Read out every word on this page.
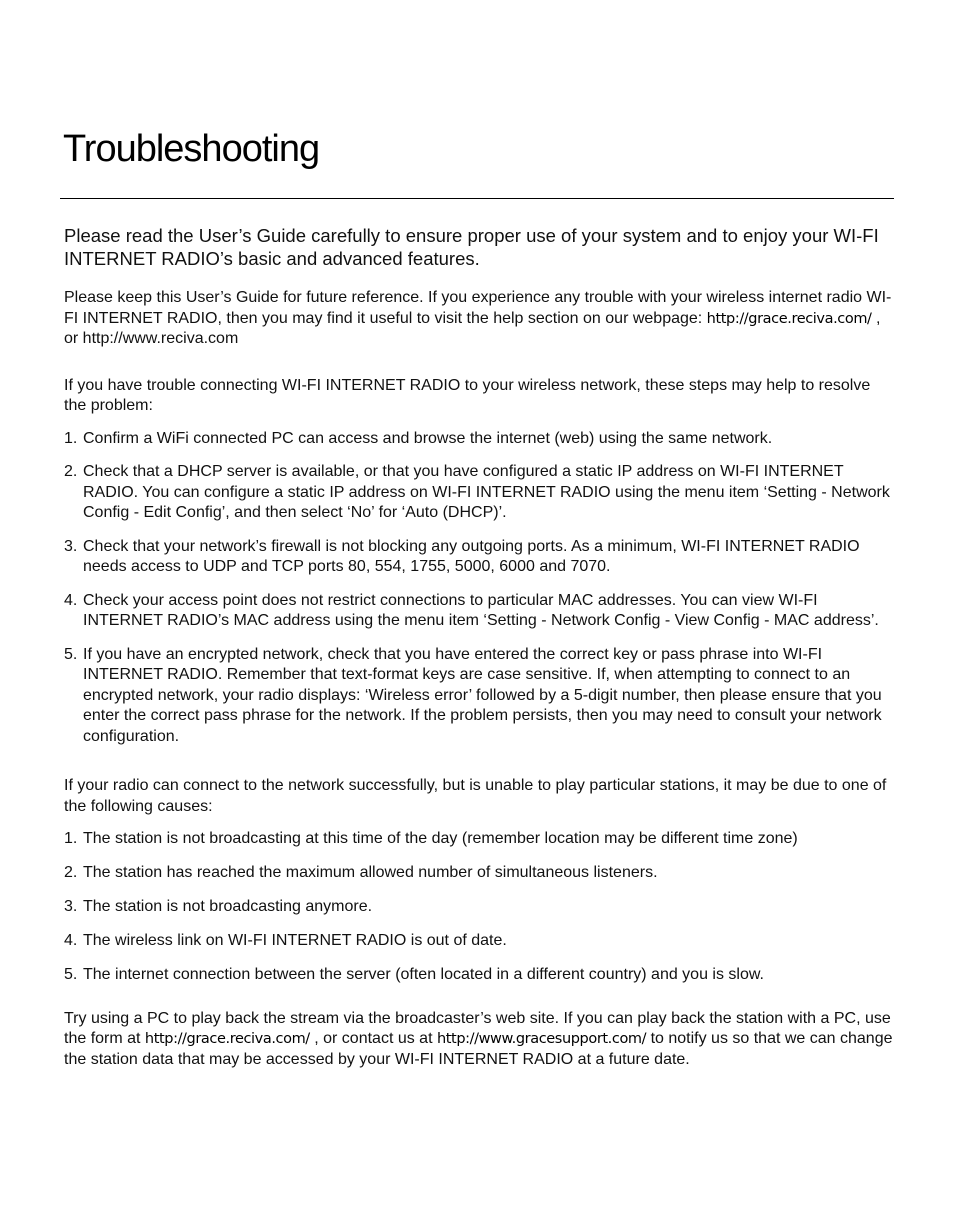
Troubleshooting

Please read the User’s Guide carefully to ensure proper use of your system and to enjoy your WI-FI INTERNET RADIO’s basic and advanced features.

Please keep this User’s Guide for future reference. If you experience any trouble with your wireless internet radio WI-FI INTERNET RADIO, then you may find it useful to visit the help section on our webpage: http://grace.reciva.com/ , or http://www.reciva.com

If you have trouble connecting WI-FI INTERNET RADIO to your wireless network, these steps may help to resolve the problem:

1. Confirm a WiFi connected PC can access and browse the internet (web) using the same network.
2. Check that a DHCP server is available, or that you have configured a static IP address on WI-FI INTERNET RADIO. You can configure a static IP address on WI-FI INTERNET RADIO using the menu item ‘Setting - Network Config - Edit Config’, and then select ‘No’ for ‘Auto (DHCP)’.
3. Check that your network’s firewall is not blocking any outgoing ports. As a minimum, WI-FI INTERNET RADIO needs access to UDP and TCP ports 80, 554, 1755, 5000, 6000 and 7070.
4. Check your access point does not restrict connections to particular MAC addresses. You can view WI-FI INTERNET RADIO’s MAC address using the menu item ‘Setting - Network Config - View Config - MAC address’.
5. If you have an encrypted network, check that you have entered the correct key or pass phrase into WI-FI INTERNET RADIO. Remember that text-format keys are case sensitive. If, when attempting to connect to an encrypted network, your radio displays: ‘Wireless error’ followed by a 5-digit number, then please ensure that you enter the correct pass phrase for the network. If the problem persists, then you may need to consult your network configuration.

If your radio can connect to the network successfully, but is unable to play particular stations, it may be due to one of the following causes:

1. The station is not broadcasting at this time of the day (remember location may be different time zone)
2. The station has reached the maximum allowed number of simultaneous listeners.
3. The station is not broadcasting anymore.
4. The wireless link on WI-FI INTERNET RADIO is out of date.
5. The internet connection between the server (often located in a different country) and you is slow.

Try using a PC to play back the stream via the broadcaster’s web site. If you can play back the station with a PC, use the form at http://grace.reciva.com/ , or contact us at http://www.gracesupport.com/ to notify us so that we can change the station data that may be accessed by your WI-FI INTERNET RADIO at a future date.
